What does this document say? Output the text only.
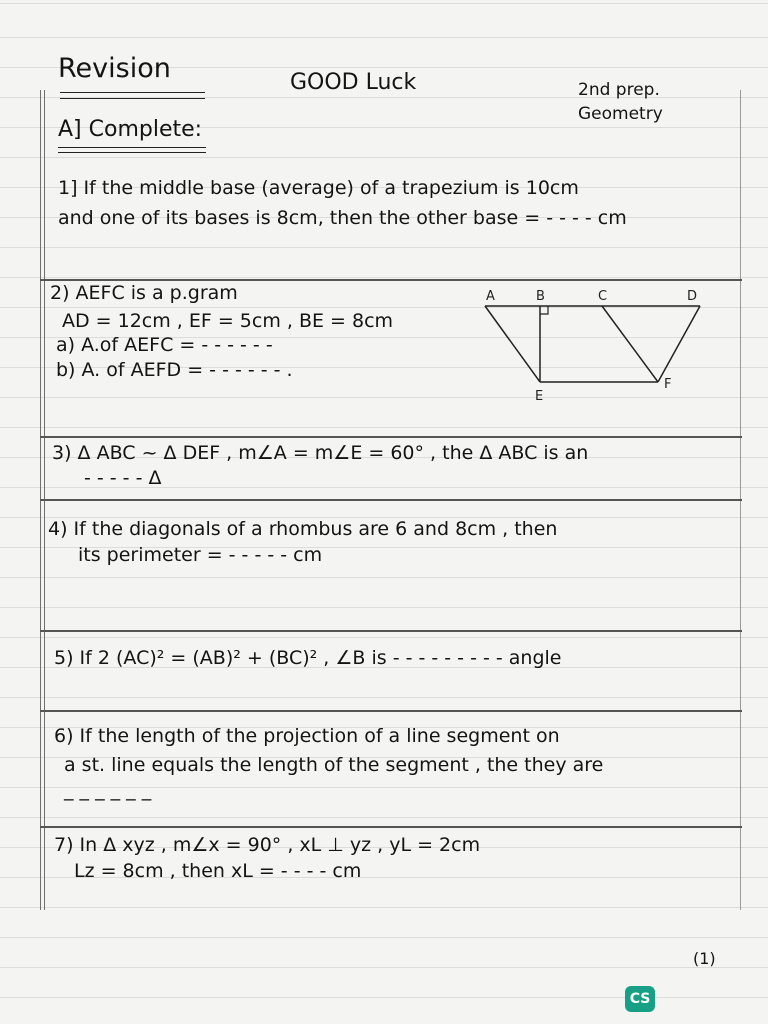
Revision	GOOD Luck	2nd prep.
Geometry
A] Complete:
1] If the middle base (average) of a trapezium is 10cm
and one of its bases is 8cm, then the other base = - - - - cm
2) AEFC is a p.gram
AD = 12cm , EF = 5cm , BE = 8cm
a) A.of AEFC = - - - - - -
b) A. of AEFD = - - - - - - .
A	B	C	D
E
F
3) Δ ABC ~ Δ DEF , m∠A = m∠E = 60° , the Δ ABC is an
- - - - - Δ
4) If the diagonals of a rhombus are 6 and 8cm , then
its perimeter = - - - - - cm
5) If 2 (AC)² = (AB)² + (BC)² , ∠B is - - - - - - - - - angle
6) If the length of the projection of a line segment on
a st. line equals the length of the segment , the they are
_ _ _ _ _ _
7) In Δ xyz , m∠x = 90° , xL ⊥ yz , yL = 2cm
Lz = 8cm , then xL = - - - - cm
(1)
CS
